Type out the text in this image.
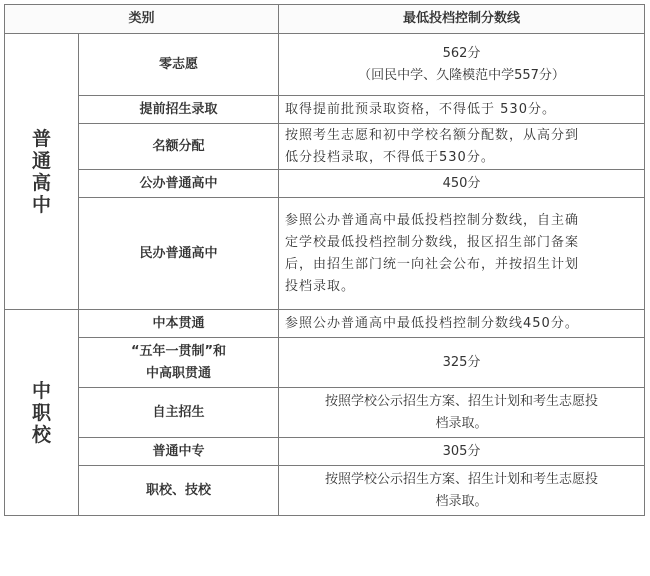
类别		最低投档控制分数线

普
通
高
中	零志愿	562分
（回民中学、久隆模范中学557分）

	提前招生录取	取得提前批预录取资格，不得低于 530分。

	名额分配	按照考生志愿和初中学校名额分配数，从高分到
低分投档录取，不得低于530分。

	公办普通高中	450分

	民办普通高中	参照公办普通高中最低投档控制分数线，自主确
定学校最低投档控制分数线，报区招生部门备案
后，由招生部门统一向社会公布，并按招生计划
投档录取。

中
职
校	中本贯通	参照公办普通高中最低投档控制分数线450分。

	“五年一贯制”和
中高职贯通	325分

	自主招生	按照学校公示招生方案、招生计划和考生志愿投
档录取。

	普通中专	305分

	职校、技校	按照学校公示招生方案、招生计划和考生志愿投
档录取。
